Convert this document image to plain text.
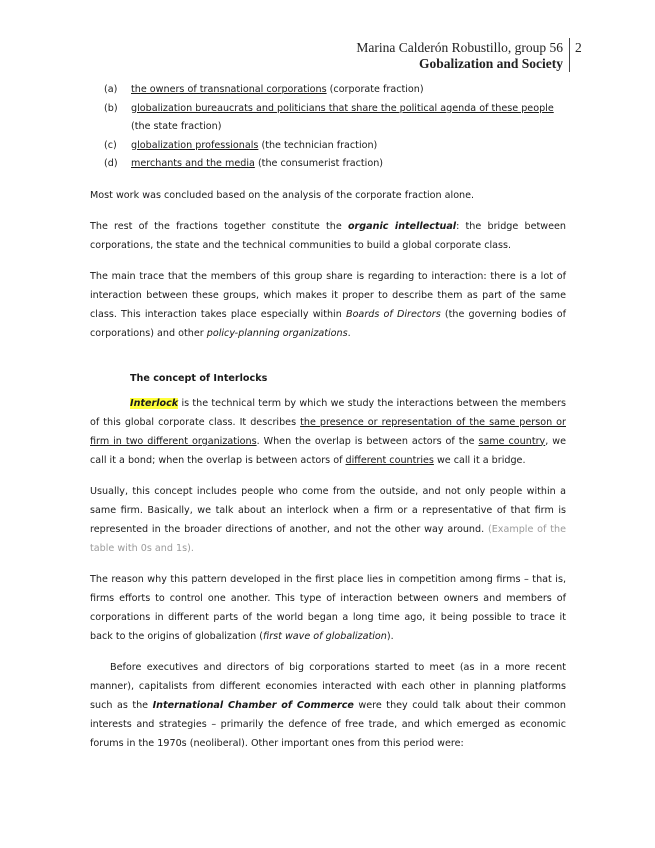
Marina Calderón Robustillo, group 56
Gobalization and Society
2
(a)	the owners of transnational corporations (corporate fraction)
(b)	globalization bureaucrats and politicians that share the political agenda of these people
(the state fraction)
(c)	globalization professionals (the technician fraction)
(d)	merchants and the media (the consumerist fraction)

Most work was concluded based on the analysis of the corporate fraction alone.

The rest of the fractions together constitute the organic intellectual: the bridge between corporations, the state and the technical communities to build a global corporate class.

The main trace that the members of this group share is regarding to interaction: there is a lot of interaction between these groups, which makes it proper to describe them as part of the same class. This interaction takes place especially within Boards of Directors (the governing bodies of corporations) and other policy-planning organizations.

The concept of Interlocks

Interlock is the technical term by which we study the interactions between the members of this global corporate class. It describes the presence or representation of the same person or firm in two different organizations. When the overlap is between actors of the same country, we call it a bond; when the overlap is between actors of different countries we call it a bridge.

Usually, this concept includes people who come from the outside, and not only people within a same firm. Basically, we talk about an interlock when a firm or a representative of that firm is represented in the broader directions of another, and not the other way around. (Example of the table with 0s and 1s).

The reason why this pattern developed in the first place lies in competition among firms – that is, firms efforts to control one another. This type of interaction between owners and members of corporations in different parts of the world began a long time ago, it being possible to trace it back to the origins of globalization (first wave of globalization).

Before executives and directors of big corporations started to meet (as in a more recent manner), capitalists from different economies interacted with each other in planning platforms such as the International Chamber of Commerce were they could talk about their common interests and strategies – primarily the defence of free trade, and which emerged as economic forums in the 1970s (neoliberal). Other important ones from this period were:
